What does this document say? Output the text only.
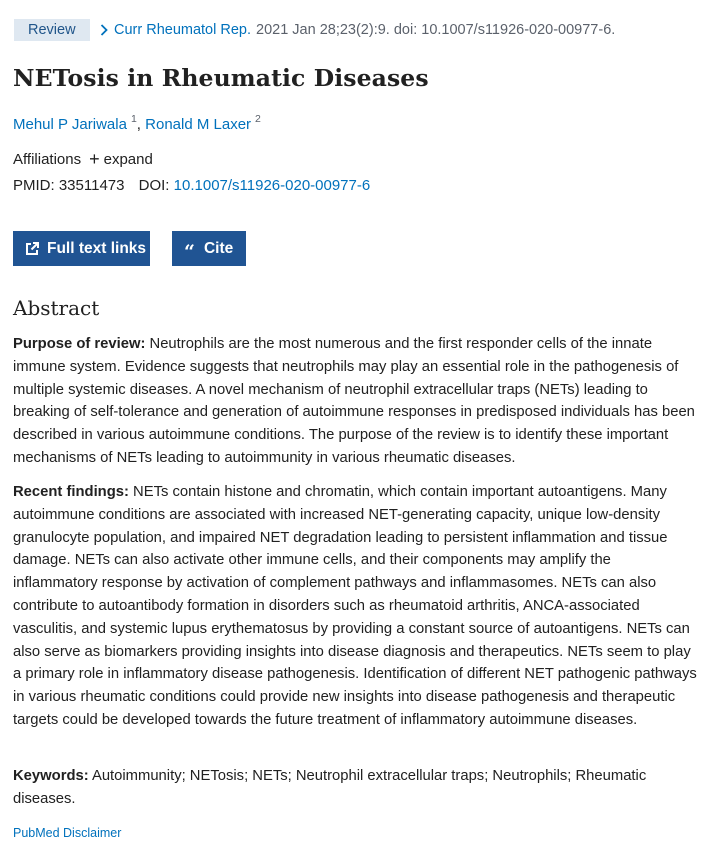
Review	Curr Rheumatol Rep. 2021 Jan 28;23(2):9. doi: 10.1007/s11926-020-00977-6.
NETosis in Rheumatic Diseases
Mehul P Jariwala $^1$, Ronald M Laxer $^2$
Affiliations + expand
PMID: 33511473 DOI: 10.1007/s11926-020-00977-6
Full text links “ Cite
Abstract

Purpose of review: Neutrophils are the most numerous and the first responder cells of the innate immune system. Evidence suggests that neutrophils may play an essential role in the pathogenesis of multiple systemic diseases. A novel mechanism of neutrophil extracellular traps (NETs) leading to breaking of self-tolerance and generation of autoimmune responses in predisposed individuals has been described in various autoimmune conditions. The purpose of the review is to identify these important mechanisms of NETs leading to autoimmunity in various rheumatic diseases.

Recent findings: NETs contain histone and chromatin, which contain important autoantigens. Many autoimmune conditions are associated with increased NET-generating capacity, unique low-density granulocyte population, and impaired NET degradation leading to persistent inflammation and tissue damage. NETs can also activate other immune cells, and their components may amplify the inflammatory response by activation of complement pathways and inflammasomes. NETs can also contribute to autoantibody formation in disorders such as rheumatoid arthritis, ANCA-associated vasculitis, and systemic lupus erythematosus by providing a constant source of autoantigens. NETs can also serve as biomarkers providing insights into disease diagnosis and therapeutics. NETs seem to play a primary role in inflammatory disease pathogenesis. Identification of different NET pathogenic pathways in various rheumatic conditions could provide new insights into disease pathogenesis and therapeutic targets could be developed towards the future treatment of inflammatory autoimmune diseases.

Keywords: Autoimmunity; NETosis; NETs; Neutrophil extracellular traps; Neutrophils; Rheumatic diseases.

PubMed Disclaimer
